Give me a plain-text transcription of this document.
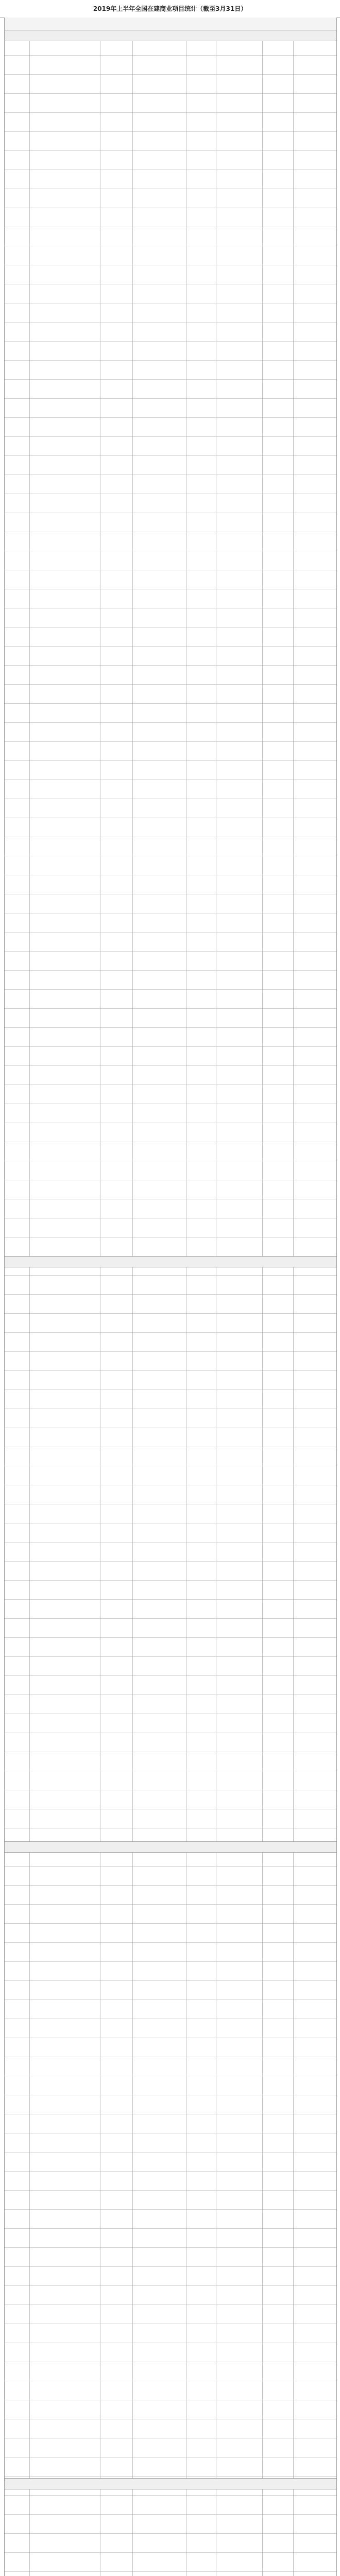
2019年上半年全国在建商业项目统计（截至3月31日）
